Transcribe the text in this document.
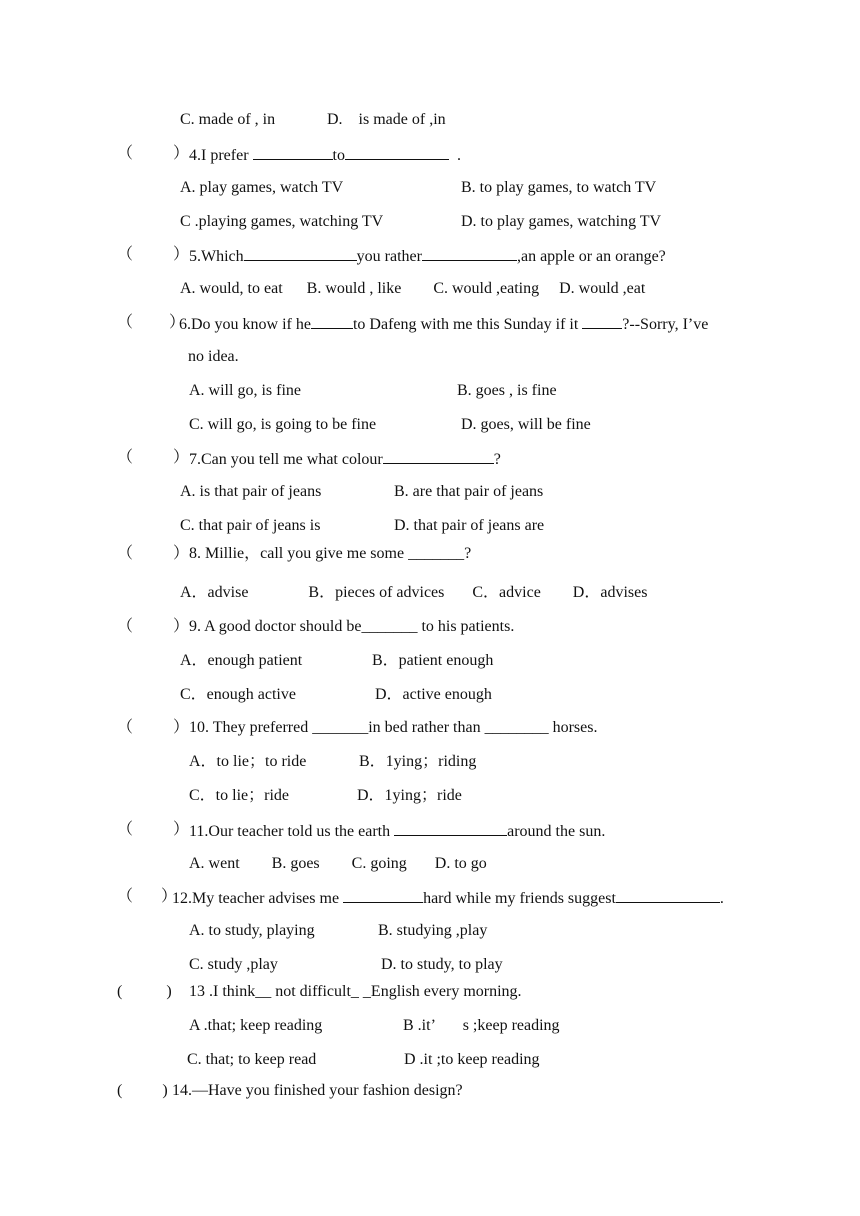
C. made of , in	D.    is made of ,in
（          ） 4.I prefer	to	.
A. play games, watch TV	B. to play games, to watch TV
C .playing games, watching TV	D. to play games, watching TV
（          ） 5.Which	you rather	,an apple or an orange?
A. would, to eat      B. would , like        C. would ,eating     D. would ,eat
（         ）
6.Do you know if he	to Dafeng with me this Sunday if it	?--Sorry, I’ve
no idea.
A. will go, is fine	B. goes , is fine
C. will go, is going to be fine	D. goes, will be fine
（          ） 7.Can you tell me what colour	?
A. is that pair of jeans	B. are that pair of jeans
C. that pair of jeans is	D. that pair of jeans are
（          ） 8. Millie，call you give me some _______?
A．advise               B．pieces of advices       C．advice        D．advises
（          ） 9. A good doctor should be_______ to his patients.
A．enough patient	B．patient enough
C．enough active	D．active enough
（          ） 10. They preferred _______in bed rather than ________ horses.
A．to lie；to ride	B．1ying；riding
C．to lie；ride	D．1ying；ride
（          ） 11.Our teacher told us the earth	around the sun.
A. went        B. goes        C. going       D. to go
（       ）
12.My teacher advises me	hard while my friends suggest	.
A. to study, playing	B. studying ,play
C. study ,play	D. to study, to play
(           ) 13 .I think__ not difficult_ _English every morning.
A .that; keep reading	B .it’       s ;keep reading
C. that; to keep read	D .it ;to keep reading
(          ) 14.—Have you finished your fashion design?
